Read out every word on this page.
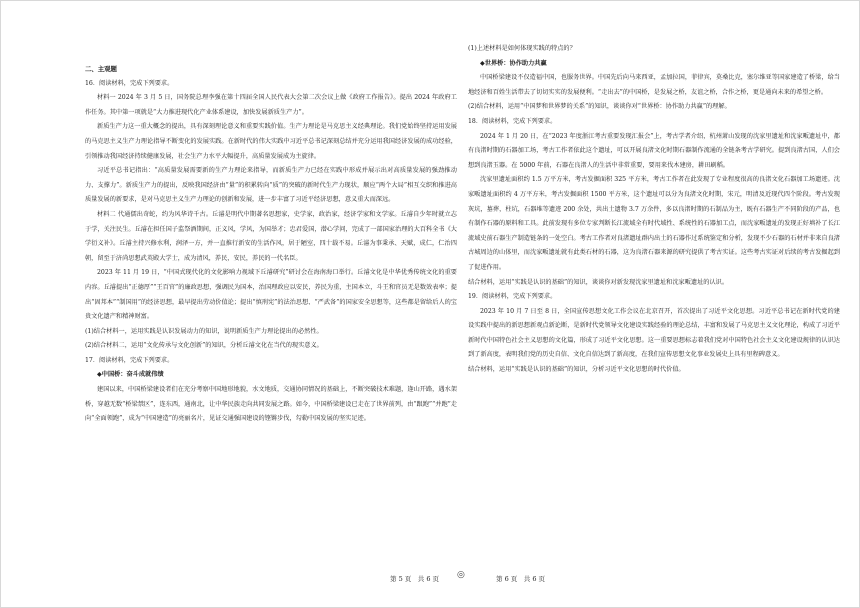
二、主观题

16．阅读材料，完成下列要求。

材料一 2024 年 3 月 5 日，国务院总理李强在第十四届全国人民代表大会第二次会议上做《政府工作报告》。提出 2024 年政府工作任务。其中第一项就是“大力推进现代化产业体系建设，加快发展新质生产力”。

新质生产力这一重大概念的提出，具有深刻理论意义和重要实践价值。生产力理论是马克思主义经典理论。我们党始终坚持运用发展的马克思主义生产力理论指导不断变化的发展实践。在新时代的伟大实践中习近平总书记深刻总结并充分运用我国经济发展的成功经验，引领推动我国经济持续健康发展，社会生产力水平大幅提升，高质量发展成为主旋律。

习近平总书记指出：“高质量发展需要新的生产力理论来指导，而新质生产力已经在实践中形成并展示出对高质量发展的强劲推动力、支撑力”。新质生产力的提出，反映我国经济由“量”的积累转向“质”的突破的新时代生产力现状，顺应“两个大局”相互交织和推进高质量发展的新要求，是对马克思主义生产力理论的创新和发展，进一步丰富了习近平经济思想，意义重大而深远。

材料二 代通儒出奇蛇，约为风华诗千古。丘濬是明代中期著名思想家，史学家，政治家，经济学家和文学家。丘濬自少年时就立志于学，关注民生。丘濬在担任国子监祭酒期间，正义风，学风，为国举才；忠君爱国，潜心学问，完成了一部国家治理的大百科全书《大学衍义补》。丘濬主持兴修水利，润泽一方，并一直推行新安的生活作风，居于陋室，四十载不易。丘濬为事秉承、天赋，成仁，仁治四朝，留至于济尚思想武英殿大学士，成为清风，养民，安民，养民的一代名臣。

2023 年 11 月 19 日，“中国式现代化的文化影响力视域下丘濬研究”研讨会在海南海口举行。丘濬文化是中华优秀传统文化的重要内容。丘濬提出“正德厚”“王百官”的廉政思想，强调民为国本，治国理政应以安民，养民为重，主国本立，斗王和官员无是数效表率；提出“固邦本”“制国用”的经济思想，最早提出劳动价值论；提出“慎刑宪”的法治思想、“严武备”的国家安全思想等，这些都是留给后人的宝贵文化遗产和精神财富。

(1)结合材料一，运用实践是认识发展动力的知识，说明新质生产力理论提出的必然性。

(2)结合材料二，运用“文化传承与文化创新”的知识，分析丘濬文化在当代的现实意义。

17．阅读材料，完成下列要求。

◆中国桥：奋斗成就伟绩

建国以来，中国桥梁建设者们在充分考察中国地形地貌，水文地质，交通协同情况的基础上，不断突破技术难题，逢山开路，遇水架桥，穿越无数“桥梁禁区”，连东西，通南北，让中华民族走向共同发展之路。如今，中国桥梁建设已走在了世界前列，由“跟跑”“并跑”走向“全面领跑”，成为“中国建造”的亮丽名片，见证交通强国建设的铿锵步伐，勾勒中国发展的坚实足迹。

(1)上述材料是如何体现实践的特点的？

◆世界桥：协作助力共赢

中国桥梁建设不仅造福中国，也服务世界。中国先后向马来西亚，孟加拉国，菲律宾，莫桑比克，塞尔维亚等国家建造了桥梁，给当地经济和百姓生活带去了切切实实的发展便利。“走出去”的中国桥，是发展之桥，友谊之桥，合作之桥，更是通向未来的希望之桥。

(2)结合材料，运用“中国梦和世界梦的关系”的知识，谈谈你对“世界桥：协作助力共赢”的理解。

18．阅读材料，完成下列要求。

2024 年 1 月 20 日，在“2023 年度浙江考古重要发现汇报会”上，考古学者介绍，杭州萧山发现的沈家里遗址和沈家畈遗址中，都有良渚时期的石器加工场，考古工作者依此这个遗址，可以开展良渚文化时期石器制作流通的全链条考古学研究。提到良渚古国，人们会想到良渚玉器。在 5000 年前，石器在良渚人的生活中非常重要，要用来伐木建房，耕田刷稻。

沈家里遗址面积约 1.5 万平方米，考古发掘面积 325 平方米，考古工作者在此发现了专业程度很高的良渚文化石器加工场遗迹。沈家畈遗址面积约 4 万平方米，考古发掘面积 1500 平方米，这个遗址可以分为良渚文化时期，宋元，明清及近现代四个阶段。考古发现灰坑，墓葬，柱坑，石器堆等遗迹 200 余处，共出土遗物 3.7 万余件，多以良渚时期的石制品为主，既有石器生产不同阶段的产品，也有制作石器的原料和工具。此前发现有多位专家判断长江流域全有时代域性、系统性的石器加工点，而沈家畈遗址的发现正好填补了长江流域史前石器生产制造链条的一处空白。考古工作者对良渚遗址群内出土的石器作过系统鉴定和分析，发现不少石器的石材并非来自良渚古城周边的山体里，而沈家畈遗址就有此类石材的石器，这为良渚石器来源的研究提供了考古实证。这些考古实证对后续的考古发掘起到了促进作用。

结合材料，运用“实践是认识的基础”的知识，谈谈你对新发现沈家里遗址和沈家畈遗址的认识。

19．阅读材料，完成下列要求。

2023 年 10 月 7 日至 8 日，全国宣传思想文化工作会议在北京召开，首次提出了习近平文化思想。习近平总书记在新时代党的建设实践中提出的新思想新观点新论断，是新时代党领导文化建设实践经验的理论总结，丰富和发展了马克思主义文化理论，构成了习近平新时代中国特色社会主义思想的文化篇，形成了习近平文化思想。这一重要思想标志着我们党对中国特色社会主义文化建设规律的认识达到了新高度，表明我们党的历史自信、文化自信达到了新高度，在我们宣传思想文化事业发展史上具有里程碑意义。

结合材料，运用“实践是认识的基础”的知识，分析习近平文化思想的时代价值。

第 5 页　共 6 页 ◎	第 6 页　共 6 页
